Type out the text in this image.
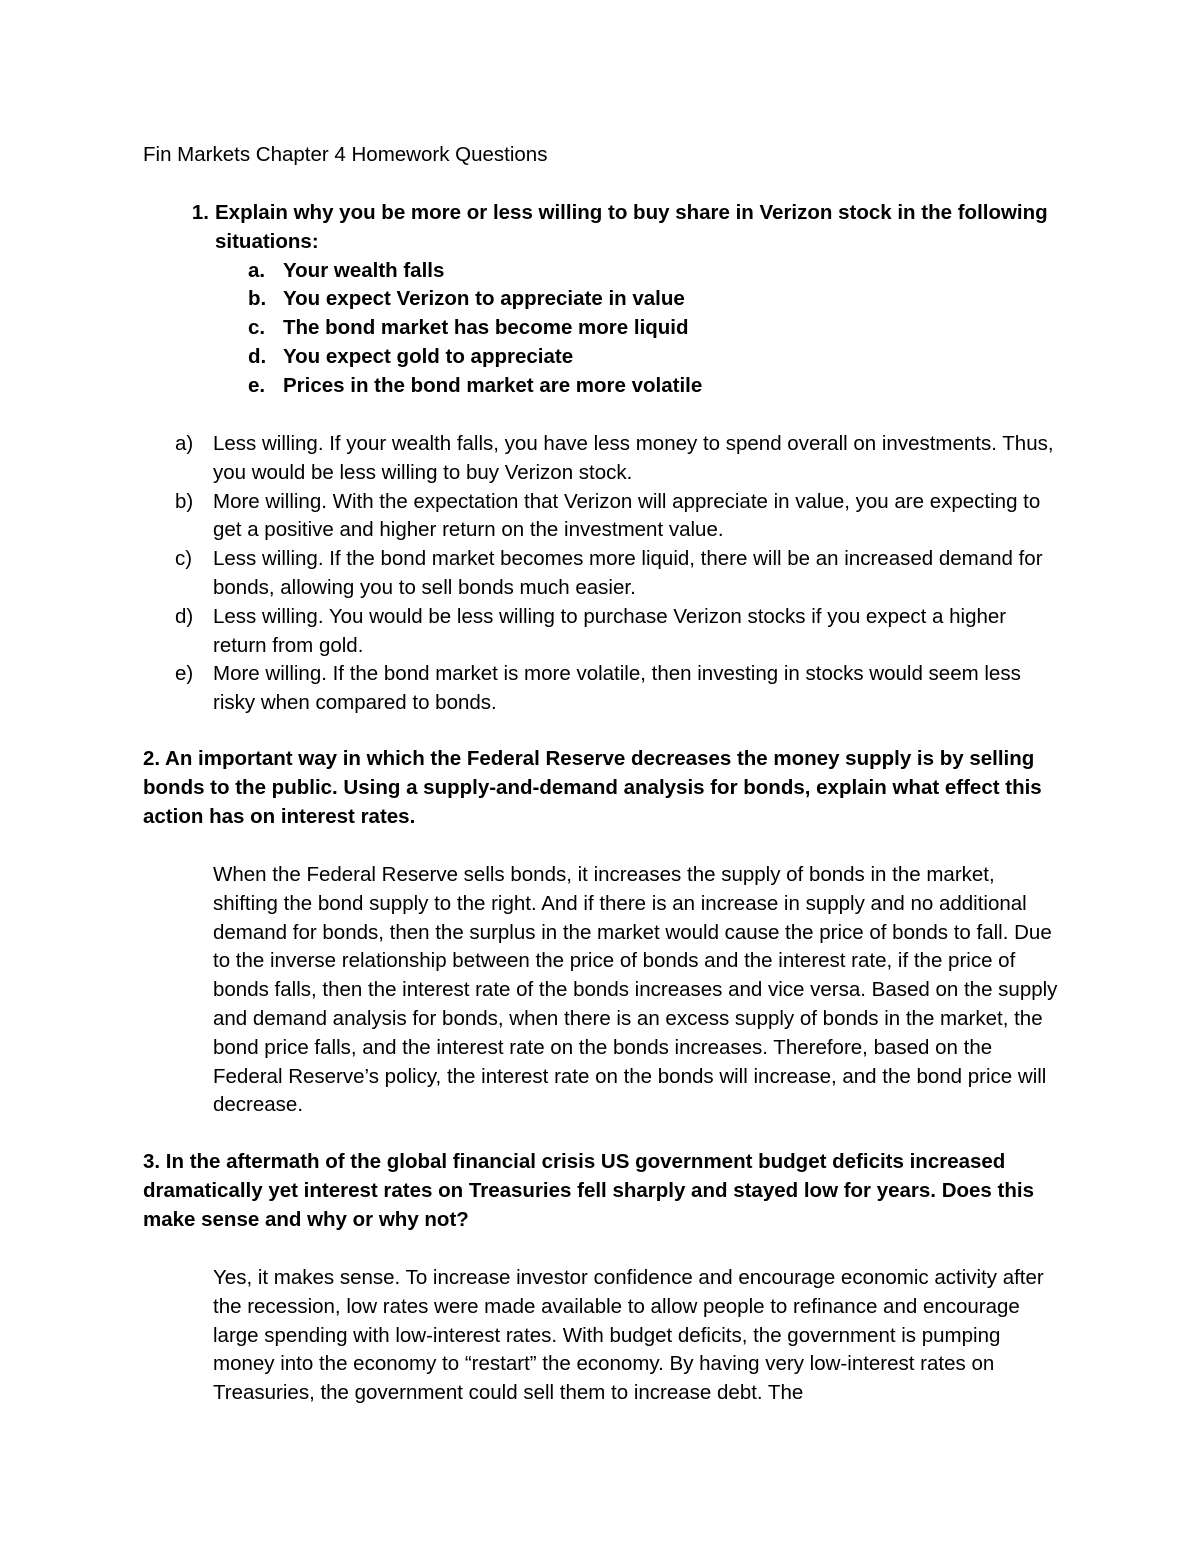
Fin Markets Chapter 4 Homework Questions
1. Explain why you be more or less willing to buy share in Verizon stock in the following situations:
a. Your wealth falls
b. You expect Verizon to appreciate in value
c. The bond market has become more liquid
d. You expect gold to appreciate
e. Prices in the bond market are more volatile
a) Less willing. If your wealth falls, you have less money to spend overall on investments. Thus, you would be less willing to buy Verizon stock.
b) More willing. With the expectation that Verizon will appreciate in value, you are expecting to get a positive and higher return on the investment value.
c)	Less willing. If the bond market becomes more liquid, there will be an increased demand for bonds, allowing you to sell bonds much easier.
d) Less willing. You would be less willing to purchase Verizon stocks if you expect a higher return from gold.
e) More willing. If the bond market is more volatile, then investing in stocks would seem less risky when compared to bonds.

2. An important way in which the Federal Reserve decreases the money supply is by selling bonds to the public. Using a supply-and-demand analysis for bonds, explain what effect this action has on interest rates.

When the Federal Reserve sells bonds, it increases the supply of bonds in the market, shifting the bond supply to the right. And if there is an increase in supply and no additional demand for bonds, then the surplus in the market would cause the price of bonds to fall. Due to the inverse relationship between the price of bonds and the interest rate, if the price of bonds falls, then the interest rate of the bonds increases and vice versa. Based on the supply and demand analysis for bonds, when there is an excess supply of bonds in the market, the bond price falls, and the interest rate on the bonds increases. Therefore, based on the Federal Reserve’s policy, the interest rate on the bonds will increase, and the bond price will decrease.

3. In the aftermath of the global financial crisis US government budget deficits increased dramatically yet interest rates on Treasuries fell sharply and stayed low for years. Does this make sense and why or why not?

Yes, it makes sense. To increase investor confidence and encourage economic activity after the recession, low rates were made available to allow people to refinance and encourage large spending with low-interest rates. With budget deficits, the government is pumping money into the economy to “restart” the economy. By having very low-interest rates on Treasuries, the government could sell them to increase debt. The
